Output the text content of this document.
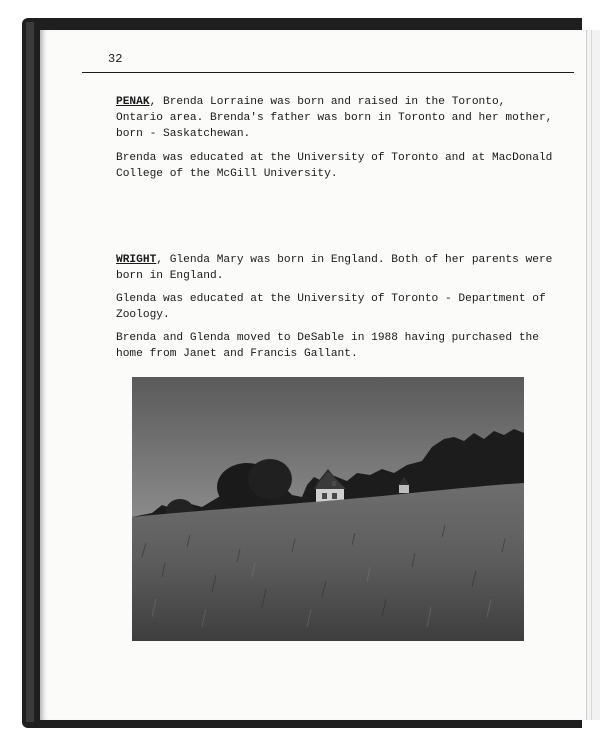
32

PENAK, Brenda Lorraine was born and raised in the Toronto, Ontario area. Brenda's father was born in Toronto and her mother, born - Saskatchewan.

Brenda was educated at the University of Toronto and at MacDonald College of the McGill University.

WRIGHT, Glenda Mary was born in England. Both of her parents were born in England.

Glenda was educated at the University of Toronto - Department of Zoology.

Brenda and Glenda moved to DeSable in 1988 having purchased the home from Janet and Francis Gallant.
